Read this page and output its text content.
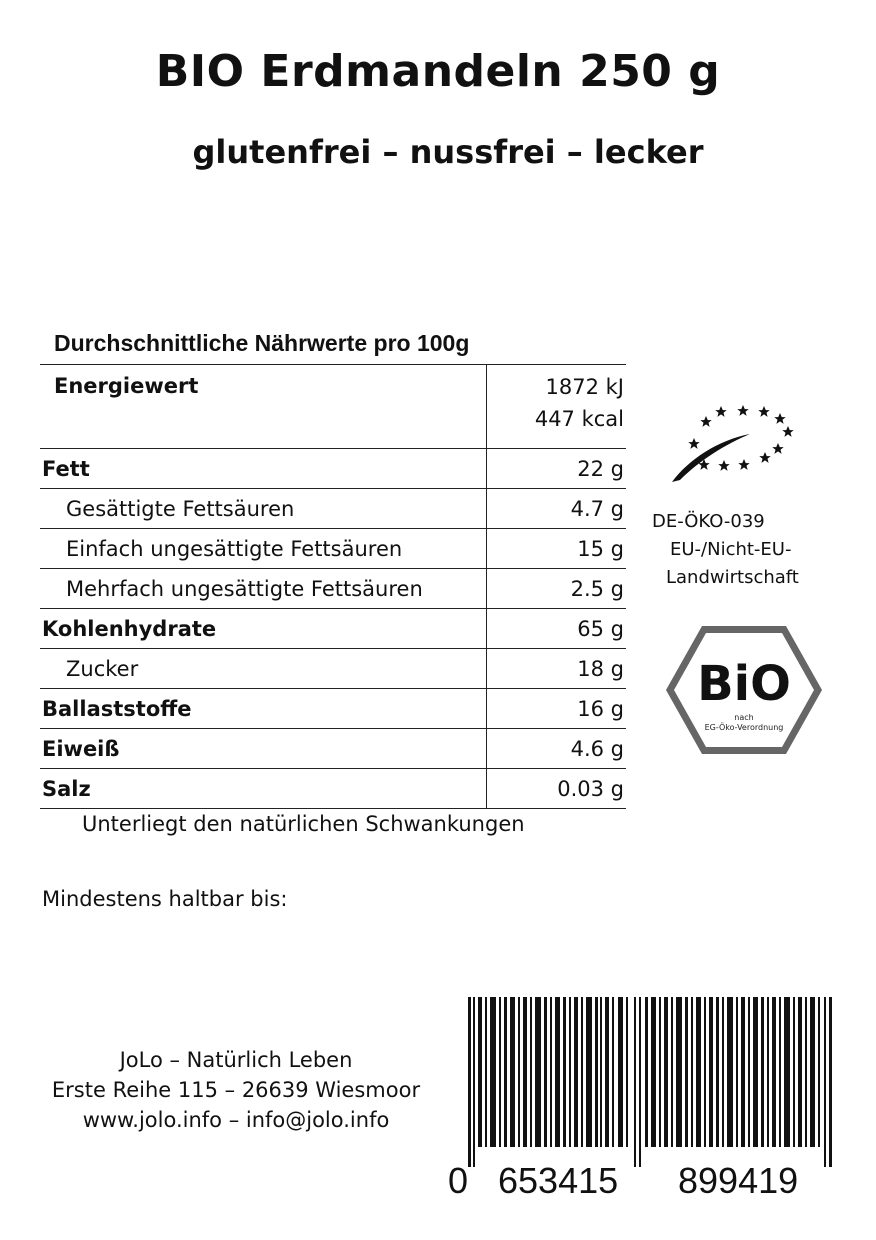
BIO Erdmandeln 250 g
glutenfrei – nussfrei – lecker
Durchschnittliche Nährwerte pro 100g
Energiewert	1872 kJ
447 kcal

Fett	22 g
Gesättigte Fettsäuren	4.7 g
Einfach ungesättigte Fettsäuren	15 g
Mehrfach ungesättigte Fettsäuren	2.5 g
Kohlenhydrate	65 g
Zucker	18 g
Ballaststoffe	16 g
Eiweiß	4.6 g
Salz	0.03 g
Unterliegt den natürlichen Schwankungen
Mindestens haltbar bis:
DE-ÖKO-039
EU-/Nicht-EU-
Landwirtschaft
BiO
nach
EG-Öko-Verordnung
JoLo – Natürlich Leben
Erste Reihe 115 – 26639 Wiesmoor
www.jolo.info – info@jolo.info
0 653415 899419
